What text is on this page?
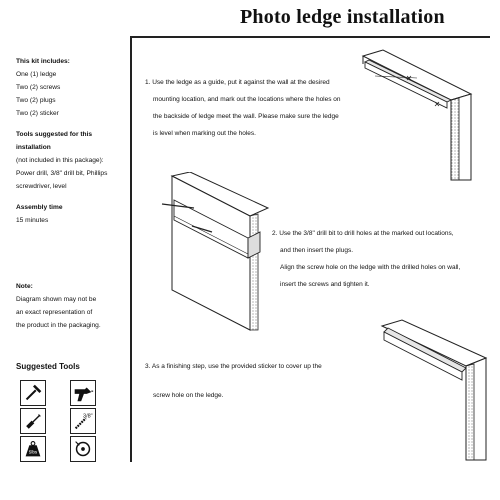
Photo ledge installation
This kit includes:
One (1) ledge
Two (2) screws
Two (2) plugs
Two (2) sticker
Tools suggested for this installation
(not included in this package):
Power drill, 3/8" drill bit, Phillips
screwdriver, level
Assembly time
15 minutes
Note:
Diagram shown may not be
an exact representation of
the product in the packaging.
Suggested Tools
3/8"
5lbs
1. Use the ledge as a guide, put it against the wall at the desired
mounting location, and mark out the locations where the holes on
the backside of ledge meet the wall. Please make sure the ledge
is level when marking out the holes.
2. Use the 3/8" drill bit to drill holes at the marked out locations,
and then insert the plugs.
Align the screw hole on the ledge with the drilled holes on wall,
insert the screws and tighten it.
3. As a finishing step, use the provided sticker to cover up the
screw hole on the ledge.
